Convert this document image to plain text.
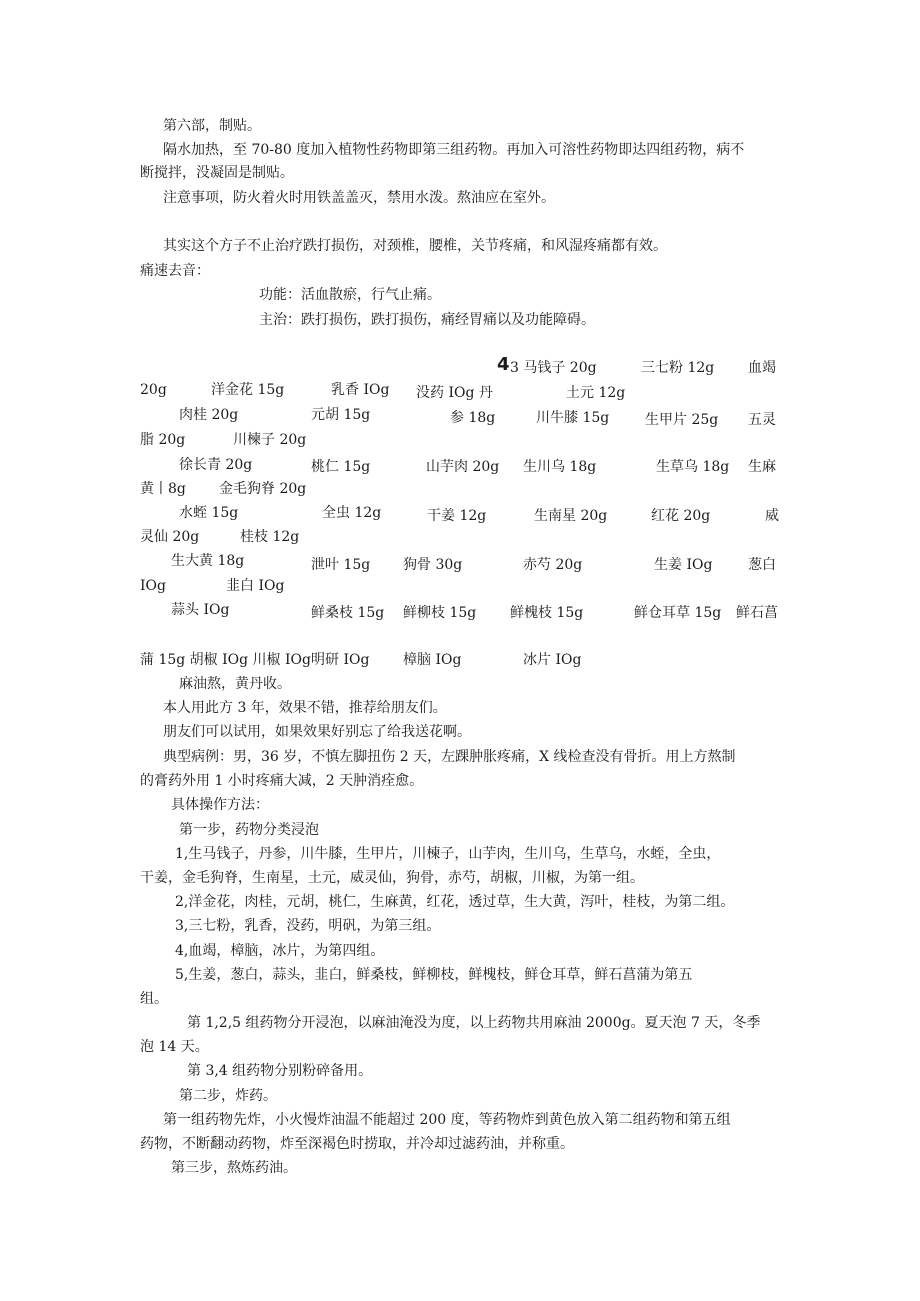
第六部，制贴。
隔水加热，至 70-80 度加入植物性药物即第三组药物。再加入可溶性药物即达四组药物，病不
断搅拌，没凝固是制贴。
注意事项，防火着火时用铁盖盖灭，禁用水泼。熬油应在室外。
其实这个方子不止治疗跌打损伤，对颈椎，腰椎，关节疼痛，和风湿疼痛都有效。
痛速去音：
功能：活血散瘀，行气止痛。
主治：跌打损伤，跌打损伤，痛经胃痛以及功能障碍。
4 3 马钱子 20g	三七粉 12g 血竭
20g	洋金花 15g	乳香 IOg 没药 IOg 丹	土元 12g
肉桂 20g	元胡 15g	参 18g	川牛膝 15g	生甲片 25g 五灵
脂 20g	川楝子 20g
徐长青 20g	桃仁 15g	山芋肉 20g 生川乌 18g	生草乌 18g 生麻
黄丨8g 金毛狗脊 20g
水蛭 15g	全虫 12g	干姜 12g	生南星 20g	红花 20g	威
灵仙 20g	桂枝 12g
生大黄 18g	泄叶 15g 狗骨 30g	赤芍 20g	生姜 IOg	葱白
IOg	韭白 IOg
蒜头 IOg	鲜桑枝 15g 鲜柳枝 15g 鲜槐枝 15g	鲜仓耳草 15g 鲜石菖
蒲 15g 胡椒 IOg 川椒 IOg 明研 IOg 樟脑 IOg	冰片 IOg
麻油熬，黄丹收。
本人用此方 3 年，效果不错，推荐给朋友们。
朋友们可以试用，如果效果好别忘了给我送花啊。
典型病例：男，36 岁，不慎左脚扭伤 2 天，左踝肿胀疼痛，X 线检查没有骨折。用上方熬制
的膏药外用 1 小时疼痛大减，2 天肿消痊愈。
具体操作方法：
第一步，药物分类浸泡
1,生马钱子，丹参，川牛膝，生甲片，川楝子，山芋肉，生川乌，生草乌，水蛭，全虫，
干姜，金毛狗脊，生南星，土元，威灵仙，狗骨，赤芍，胡椒，川椒，为第一组。
2,洋金花，肉桂，元胡，桃仁，生麻黄，红花，透过草，生大黄，泻叶，桂枝，为第二组。
3,三七粉，乳香，没药，明矾，为第三组。
4,血竭，樟脑，冰片，为第四组。
5,生姜，葱白，蒜头，韭白，鲜桑枝，鲜柳枝，鲜槐枝，鲜仓耳草，鲜石菖蒲为第五
组。
第 1,2,5 组药物分开浸泡，以麻油淹没为度，以上药物共用麻油 2000g。夏天泡 7 天，冬季
泡 14 天。
第 3,4 组药物分别粉碎备用。
第二步，炸药。
第一组药物先炸，小火慢炸油温不能超过 200 度，等药物炸到黄色放入第二组药物和第五组
药物，不断翻动药物，炸至深褐色时捞取，并冷却过滤药油，并称重。
第三步，熬炼药油。
